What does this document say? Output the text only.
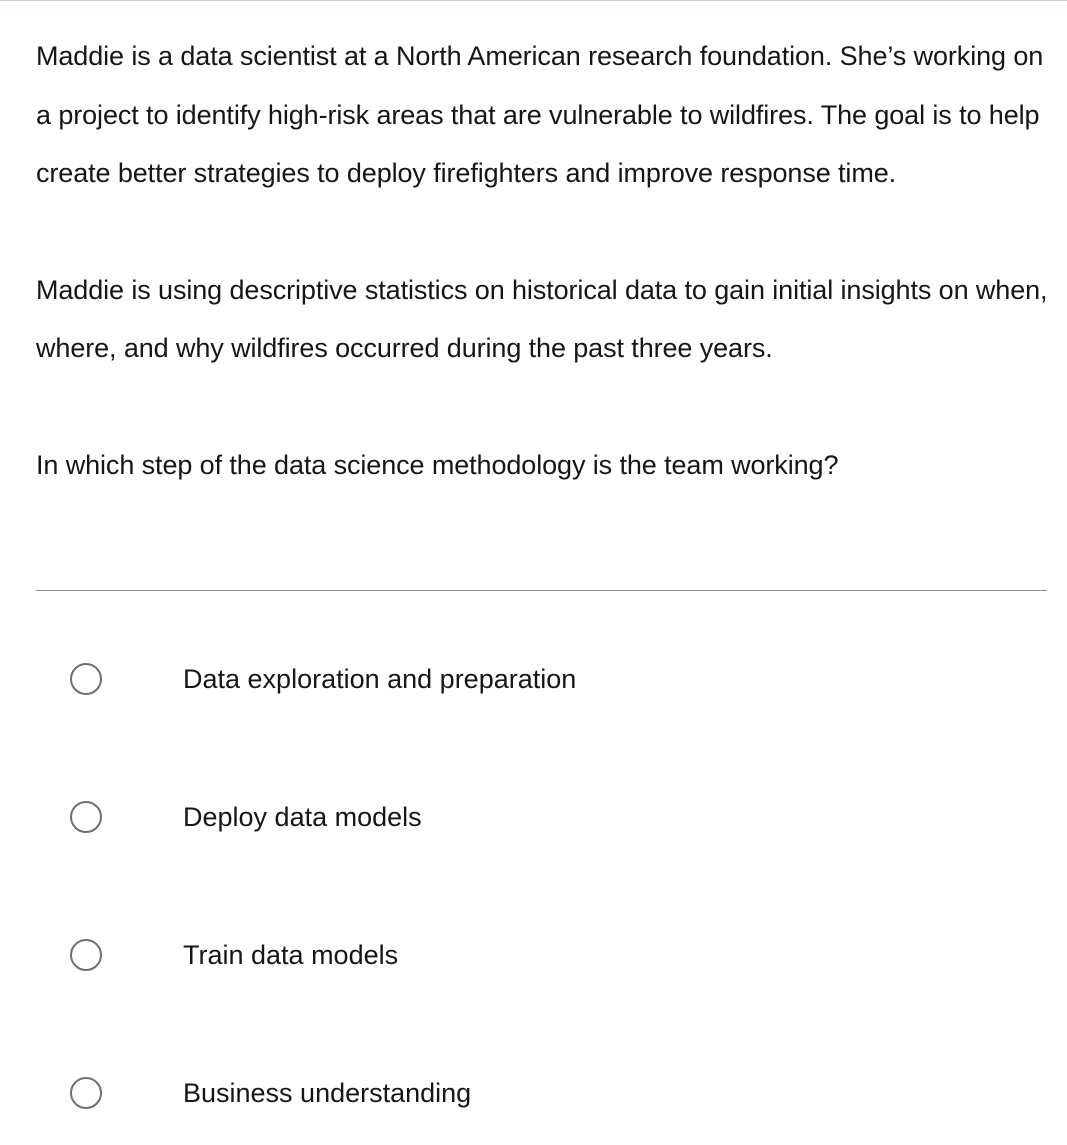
Maddie is a data scientist at a North American research foundation. She’s working on a project to identify high-risk areas that are vulnerable to wildfires. The goal is to help create better strategies to deploy firefighters and improve response time.

Maddie is using descriptive statistics on historical data to gain initial insights on when, where, and why wildfires occurred during the past three years.

In which step of the data science methodology is the team working?

Data exploration and preparation
Deploy data models
Train data models
Business understanding
